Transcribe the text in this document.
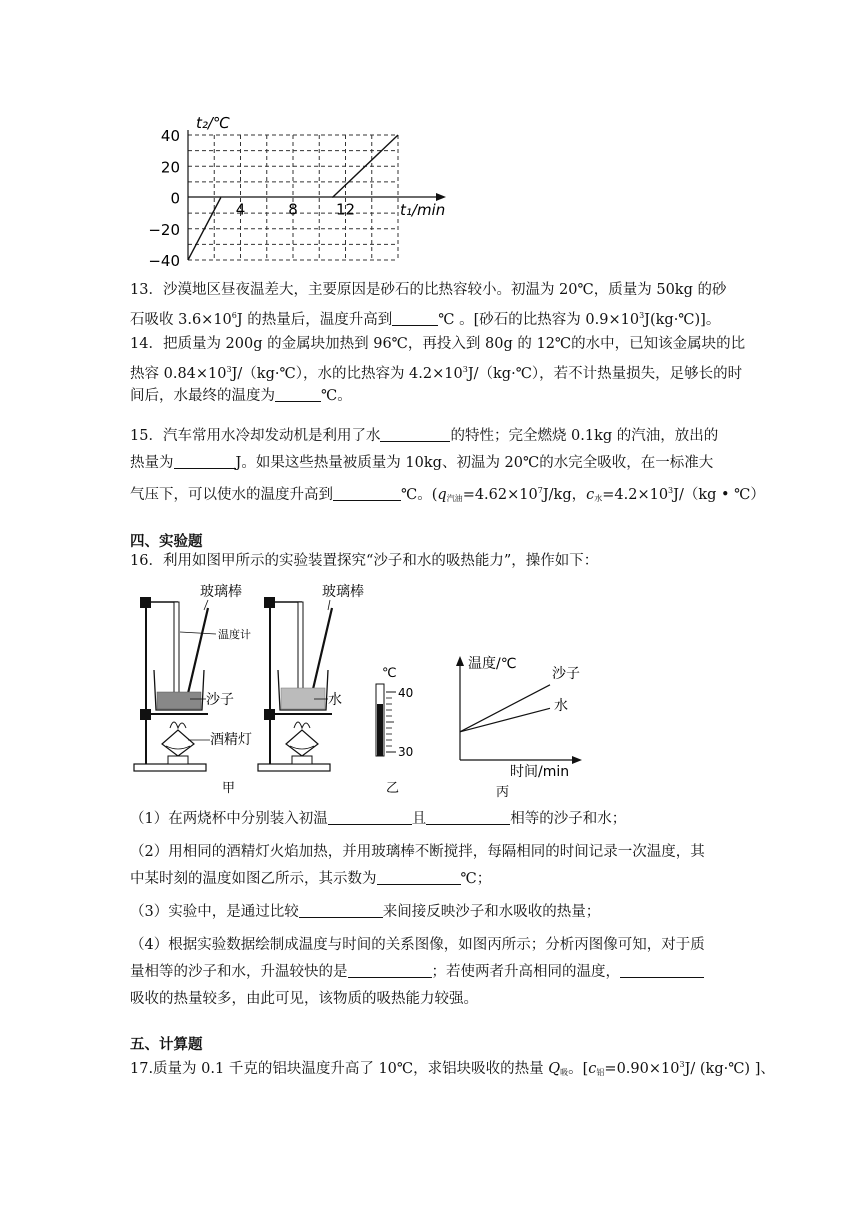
t₂/℃
t₁/min
40
20
0
−20
−40
4	8	12
13．沙漠地区昼夜温差大，主要原因是砂石的比热容较小。初温为 20℃，质量为 50kg 的砂
石吸收 $3.6\times 10^6J$ 的热量后，温度升高到	℃ 。[砂石的比热容为 $0.9\times 10^3J(kg\cdot℃)$]。
14．把质量为 200g 的金属块加热到 96℃，再投入到 80g 的 12℃的水中，已知该金属块的比
热容 $0.84\times 10^3J/(kg\cdot℃)$，水的比热容为 $4.2\times 10^3J/(kg\cdot℃)$，若不计热量损失，足够长的时
间后，水最终的温度为	℃。
15．汽车常用水冷却发动机是利用了水	的特性；完全燃烧 0.1kg 的汽油，放出的
热量为	J。如果这些热量被质量为 10kg、初温为 20℃的水完全吸收，在一标准大
气压下，可以使水的温度升高到	℃。($q_{汽油}=4.62\times 10^7J/kg$，$c_水=4.2\times 10^3J/(kg$ • ℃）
四、实验题
16．利用如图甲所示的实验装置探究“沙子和水的吸热能力”，操作如下：
玻璃棒
温度计
沙子
酒精灯
甲
玻璃棒
水
℃
40
30
乙
温度/℃
时间/min
沙子
水
丙
（1）在两烧杯中分别装入初温	且	相等的沙子和水；
（2）用相同的酒精灯火焰加热，并用玻璃棒不断搅拌，每隔相同的时间记录一次温度，其
中某时刻的温度如图乙所示，其示数为	℃；
（3）实验中，是通过比较	来间接反映沙子和水吸收的热量；
（4）根据实验数据绘制成温度与时间的关系图像，如图丙所示；分析丙图像可知，对于质
量相等的沙子和水，升温较快的是	；若使两者升高相同的温度，
吸收的热量较多，由此可见，该物质的吸热能力较强。
五、计算题
17.质量为 0.1 千克的铝块温度升高了 10℃，求铝块吸收的热量 $Q_吸$。[$c_铝=0.90\times 10^3J/$ (kg·℃) ]、
